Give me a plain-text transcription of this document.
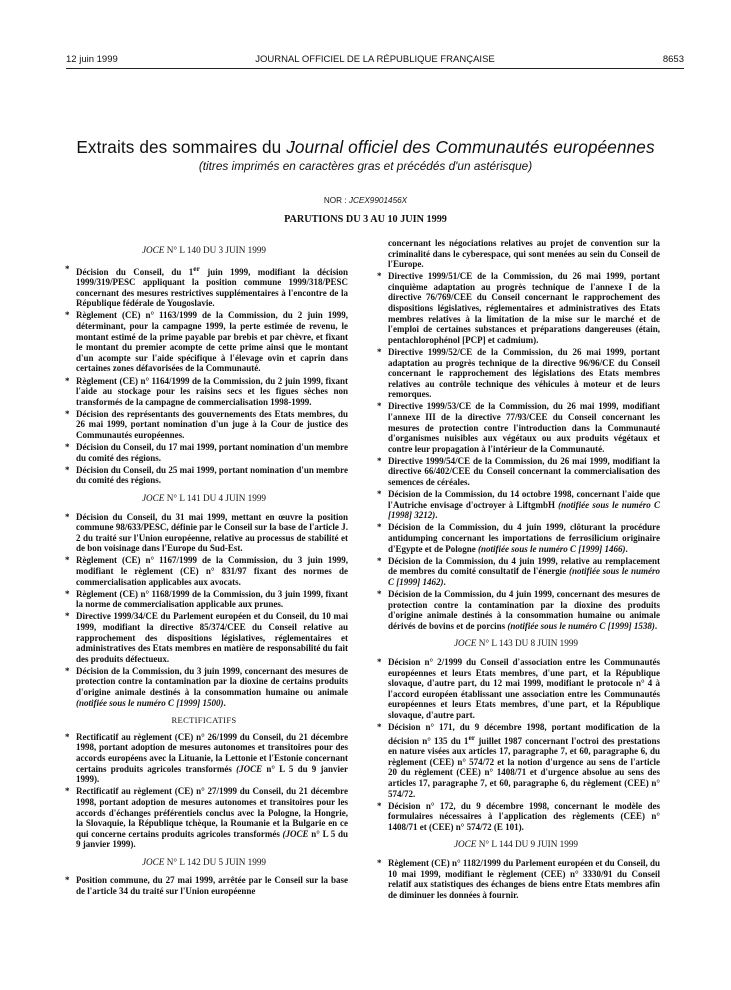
12 juin 1999	JOURNAL OFFICIEL DE LA RÉPUBLIQUE FRANÇAISE	8653
Extraits des sommaires du Journal officiel des Communautés européennes
(titres imprimés en caractères gras et précédés d'un astérisque)
NOR : JCEX9901456X
PARUTIONS DU 3 AU 10 JUIN 1999
JOCE N° L 140 DU 3 JUIN 1999
* Décision du Conseil, du 1er juin 1999, modifiant la décision 1999/319/PESC appliquant la position commune 1999/318/PESC concernant des mesures restrictives supplémentaires à l'encontre de la République fédérale de Yougoslavie.
* Règlement (CE) n° 1163/1999 de la Commission, du 2 juin 1999, déterminant, pour la campagne 1999, la perte estimée de revenu, le montant estimé de la prime payable par brebis et par chèvre, et fixant le montant du premier acompte de cette prime ainsi que le montant d'un acompte sur l'aide spécifique à l'élevage ovin et caprin dans certaines zones défavorisées de la Communauté.
* Règlement (CE) n° 1164/1999 de la Commission, du 2 juin 1999, fixant l'aide au stockage pour les raisins secs et les figues sèches non transformés de la campagne de commercialisation 1998-1999.
* Décision des représentants des gouvernements des Etats membres, du 26 mai 1999, portant nomination d'un juge à la Cour de justice des Communautés européennes.
* Décision du Conseil, du 17 mai 1999, portant nomination d'un membre du comité des régions.
* Décision du Conseil, du 25 mai 1999, portant nomination d'un membre du comité des régions.
JOCE N° L 141 DU 4 JUIN 1999
* Décision du Conseil, du 31 mai 1999, mettant en œuvre la position commune 98/633/PESC, définie par le Conseil sur la base de l'article J. 2 du traité sur l'Union européenne, relative au processus de stabilité et de bon voisinage dans l'Europe du Sud-Est.
* Règlement (CE) n° 1167/1999 de la Commission, du 3 juin 1999, modifiant le règlement (CE) n° 831/97 fixant des normes de commercialisation applicables aux avocats.
* Règlement (CE) n° 1168/1999 de la Commission, du 3 juin 1999, fixant la norme de commercialisation applicable aux prunes.
* Directive 1999/34/CE du Parlement européen et du Conseil, du 10 mai 1999, modifiant la directive 85/374/CEE du Conseil relative au rapprochement des dispositions législatives, réglementaires et administratives des Etats membres en matière de responsabilité du fait des produits défectueux.
* Décision de la Commission, du 3 juin 1999, concernant des mesures de protection contre la contamination par la dioxine de certains produits d'origine animale destinés à la consommation humaine ou animale (notifiée sous le numéro C [1999] 1500).
RECTIFICATIFS
* Rectificatif au règlement (CE) n° 26/1999 du Conseil, du 21 décembre 1998, portant adoption de mesures autonomes et transitoires pour des accords européens avec la Lituanie, la Lettonie et l'Estonie concernant certains produits agricoles transformés (JOCE n° L 5 du 9 janvier 1999).
* Rectificatif au règlement (CE) n° 27/1999 du Conseil, du 21 décembre 1998, portant adoption de mesures autonomes et transitoires pour les accords d'échanges préférentiels conclus avec la Pologne, la Hongrie, la Slovaquie, la République tchèque, la Roumanie et la Bulgarie en ce qui concerne certains produits agricoles transformés (JOCE n° L 5 du 9 janvier 1999).
JOCE N° L 142 DU 5 JUIN 1999
* Position commune, du 27 mai 1999, arrêtée par le Conseil sur la base de l'article 34 du traité sur l'Union européenne
concernant les négociations relatives au projet de convention sur la criminalité dans le cyberespace, qui sont menées au sein du Conseil de l'Europe.
* Directive 1999/51/CE de la Commission, du 26 mai 1999, portant cinquième adaptation au progrès technique de l'annexe I de la directive 76/769/CEE du Conseil concernant le rapprochement des dispositions législatives, réglementaires et administratives des Etats membres relatives à la limitation de la mise sur le marché et de l'emploi de certaines substances et préparations dangereuses (étain, pentachlorophénol [PCP] et cadmium).
* Directive 1999/52/CE de la Commission, du 26 mai 1999, portant adaptation au progrès technique de la directive 96/96/CE du Conseil concernant le rapprochement des législations des Etats membres relatives au contrôle technique des véhicules à moteur et de leurs remorques.
* Directive 1999/53/CE de la Commission, du 26 mai 1999, modifiant l'annexe III de la directive 77/93/CEE du Conseil concernant les mesures de protection contre l'introduction dans la Communauté d'organismes nuisibles aux végétaux ou aux produits végétaux et contre leur propagation à l'intérieur de la Communauté.
* Directive 1999/54/CE de la Commission, du 26 mai 1999, modifiant la directive 66/402/CEE du Conseil concernant la commercialisation des semences de céréales.
* Décision de la Commission, du 14 octobre 1998, concernant l'aide que l'Autriche envisage d'octroyer à LiftgmbH (notifiée sous le numéro C [1998] 3212).
* Décision de la Commission, du 4 juin 1999, clôturant la procédure antidumping concernant les importations de ferrosilicium originaire d'Egypte et de Pologne (notifiée sous le numéro C [1999] 1466).
* Décision de la Commission, du 4 juin 1999, relative au remplacement de membres du comité consultatif de l'énergie (notifiée sous le numéro C [1999] 1462).
* Décision de la Commission, du 4 juin 1999, concernant des mesures de protection contre la contamination par la dioxine des produits d'origine animale destinés à la consommation humaine ou animale dérivés de bovins et de porcins (notifiée sous le numéro C [1999] 1538).
JOCE N° L 143 DU 8 JUIN 1999
* Décision n° 2/1999 du Conseil d'association entre les Communautés européennes et leurs Etats membres, d'une part, et la République slovaque, d'autre part, du 12 mai 1999, modifiant le protocole n° 4 à l'accord européen établissant une association entre les Communautés européennes et leurs Etats membres, d'une part, et la République slovaque, d'autre part.
* Décision n° 171, du 9 décembre 1998, portant modification de la décision n° 135 du 1er juillet 1987 concernant l'octroi des prestations en nature visées aux articles 17, paragraphe 7, et 60, paragraphe 6, du règlement (CEE) n° 574/72 et la notion d'urgence au sens de l'article 20 du règlement (CEE) n° 1408/71 et d'urgence absolue au sens des articles 17, paragraphe 7, et 60, paragraphe 6, du règlement (CEE) n° 574/72.
* Décision n° 172, du 9 décembre 1998, concernant le modèle des formulaires nécessaires à l'application des règlements (CEE) n° 1408/71 et (CEE) n° 574/72 (E 101).
JOCE N° L 144 DU 9 JUIN 1999
* Règlement (CE) n° 1182/1999 du Parlement européen et du Conseil, du 10 mai 1999, modifiant le règlement (CEE) n° 3330/91 du Conseil relatif aux statistiques des échanges de biens entre Etats membres afin de diminuer les données à fournir.
